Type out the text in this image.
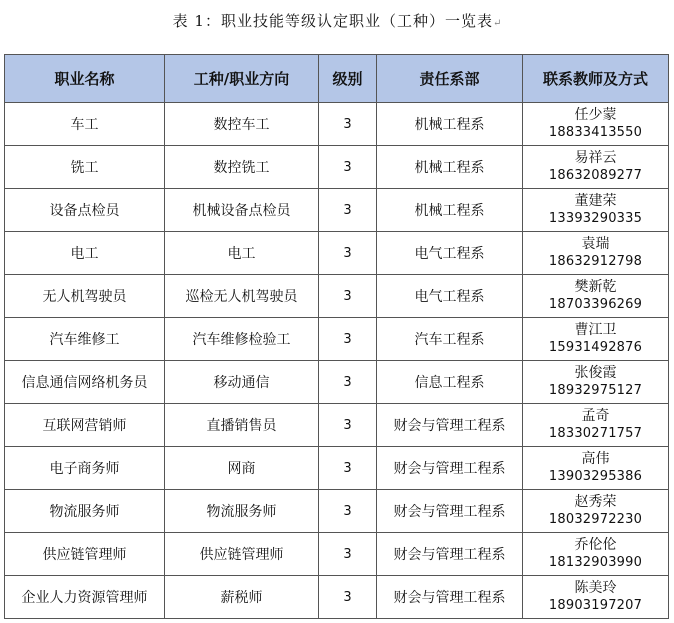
表 1：职业技能等级认定职业（工种）一览表↵
职业名称	工种/职业方向	级别	责任系部	联系教师及方式
车工	数控车工	3	机械工程系	任少蒙
18833413550

铣工	数控铣工	3	机械工程系	易祥云
18632089277

设备点检员	机械设备点检员	3	机械工程系	董建荣
13393290335

电工	电工	3	电气工程系	袁瑞
18632912798

无人机驾驶员	巡检无人机驾驶员	3	电气工程系	樊新乾
18703396269

汽车维修工	汽车维修检验工	3	汽车工程系	曹江卫
15931492876

信息通信网络机务员	移动通信	3	信息工程系	张俊霞
18932975127

互联网营销师	直播销售员	3	财会与管理工程系	孟奇
18330271757

电子商务师	网商	3	财会与管理工程系	高伟
13903295386

物流服务师	物流服务师	3	财会与管理工程系	赵秀荣
18032972230

供应链管理师	供应链管理师	3	财会与管理工程系	乔伦伦
18132903990

企业人力资源管理师	薪税师	3	财会与管理工程系	陈美玲
18903197207
